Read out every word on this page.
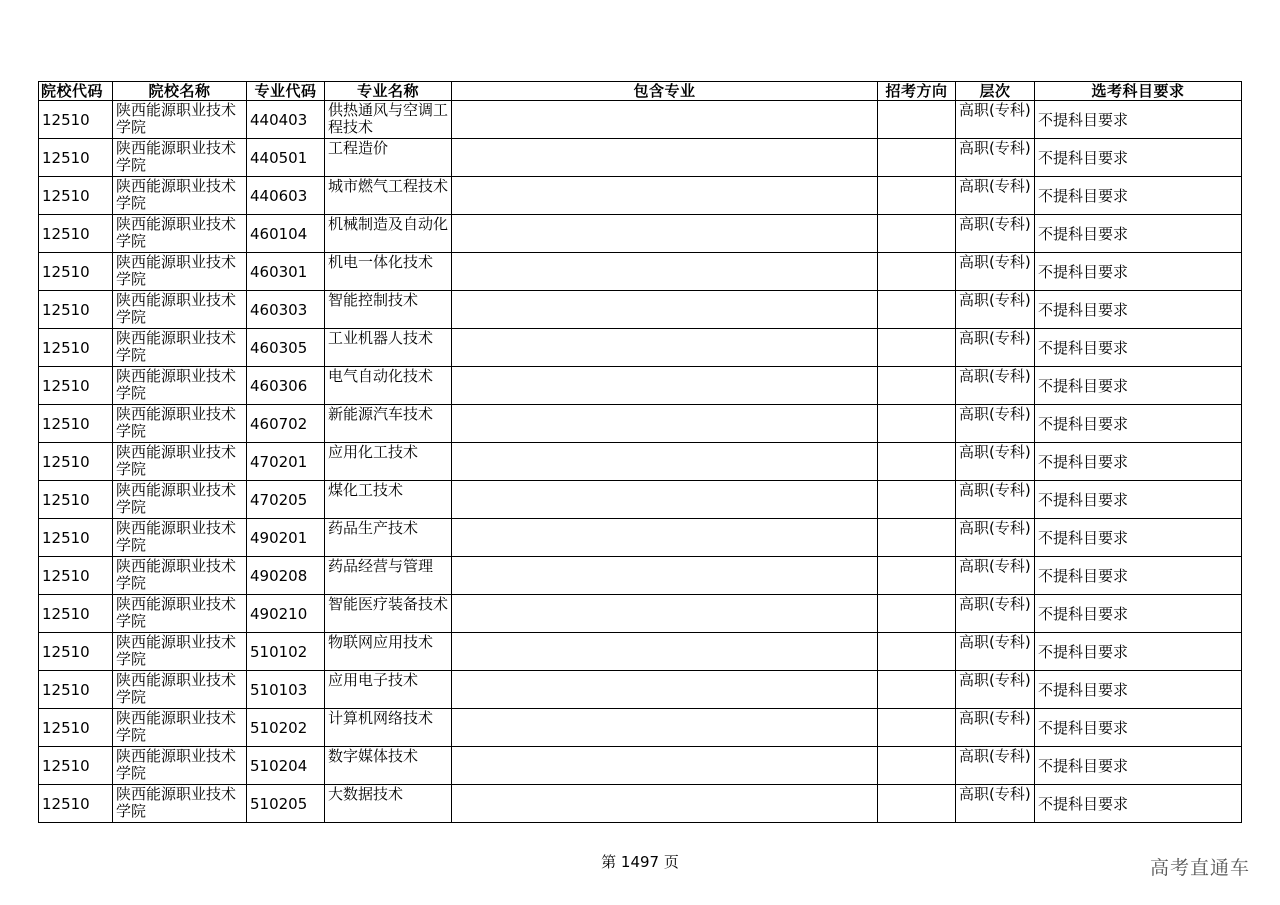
院校代码	院校名称	专业代码	专业名称	包含专业	招考方向	层次	选考科目要求
12510	陕西能源职业技术学院	440403	供热通风与空调工程技术			高职(专科)	不提科目要求
12510	陕西能源职业技术学院	440501	工程造价			高职(专科)	不提科目要求
12510	陕西能源职业技术学院	440603	城市燃气工程技术			高职(专科)	不提科目要求
12510	陕西能源职业技术学院	460104	机械制造及自动化			高职(专科)	不提科目要求
12510	陕西能源职业技术学院	460301	机电一体化技术			高职(专科)	不提科目要求
12510	陕西能源职业技术学院	460303	智能控制技术			高职(专科)	不提科目要求
12510	陕西能源职业技术学院	460305	工业机器人技术			高职(专科)	不提科目要求
12510	陕西能源职业技术学院	460306	电气自动化技术			高职(专科)	不提科目要求
12510	陕西能源职业技术学院	460702	新能源汽车技术			高职(专科)	不提科目要求
12510	陕西能源职业技术学院	470201	应用化工技术			高职(专科)	不提科目要求
12510	陕西能源职业技术学院	470205	煤化工技术			高职(专科)	不提科目要求
12510	陕西能源职业技术学院	490201	药品生产技术			高职(专科)	不提科目要求
12510	陕西能源职业技术学院	490208	药品经营与管理			高职(专科)	不提科目要求
12510	陕西能源职业技术学院	490210	智能医疗装备技术			高职(专科)	不提科目要求
12510	陕西能源职业技术学院	510102	物联网应用技术			高职(专科)	不提科目要求
12510	陕西能源职业技术学院	510103	应用电子技术			高职(专科)	不提科目要求
12510	陕西能源职业技术学院	510202	计算机网络技术			高职(专科)	不提科目要求
12510	陕西能源职业技术学院	510204	数字媒体技术			高职(专科)	不提科目要求
12510	陕西能源职业技术学院	510205	大数据技术			高职(专科)	不提科目要求
第 1497 页	高考直通车
